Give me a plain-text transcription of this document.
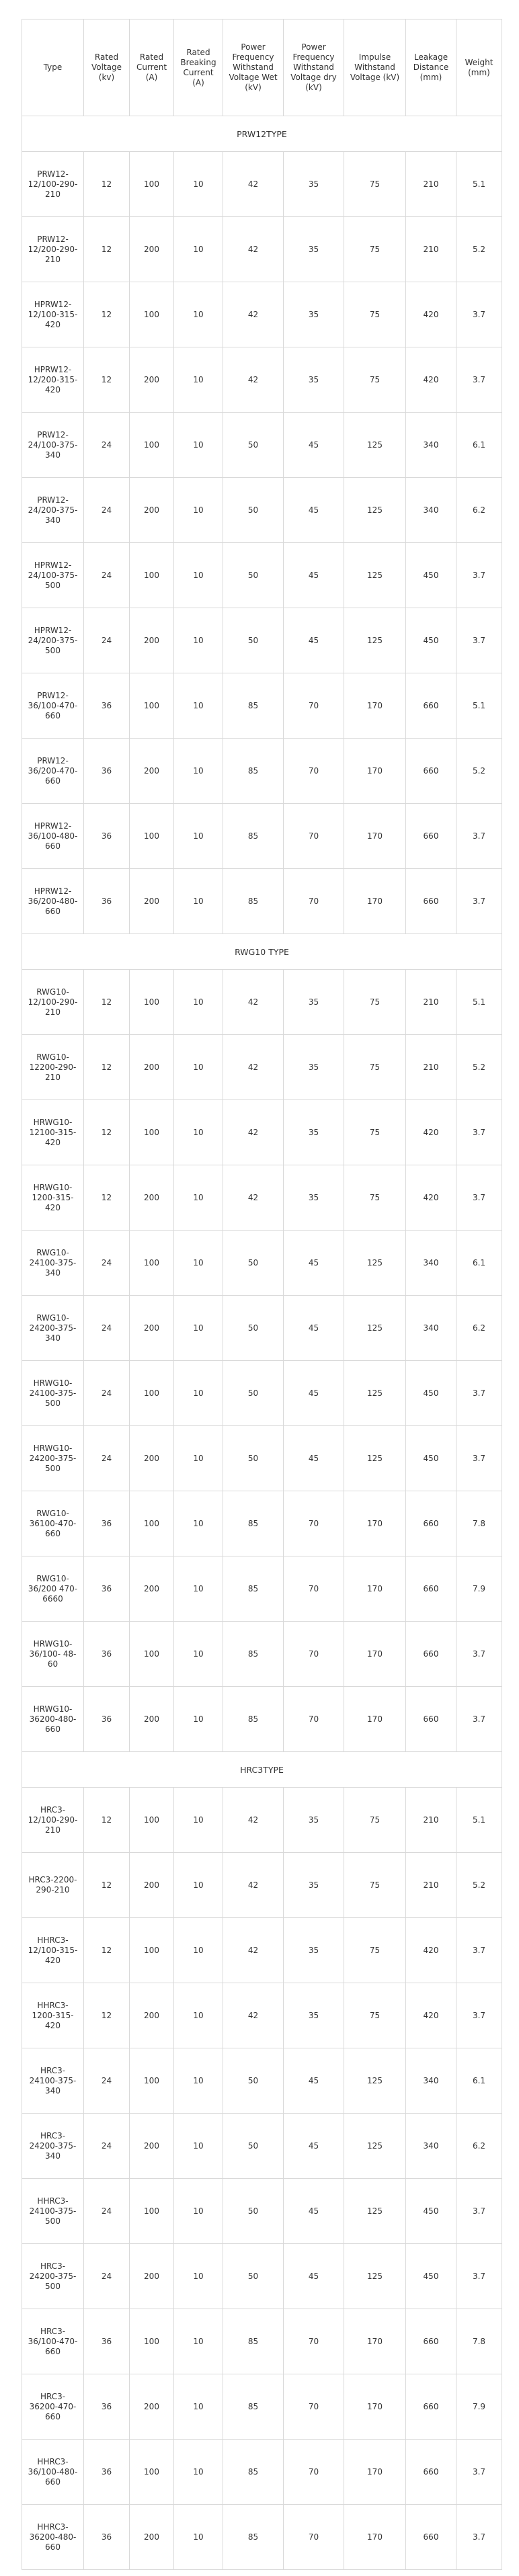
Type	Rated Voltage (kv)	Rated Current (A)	Rated Breaking Current (A)	Power Frequency Withstand Voltage Wet (kV)	Power Frequency Withstand Voltage dry (kV)	Impulse Withstand Voltage (kV)	Leakage Distance (mm)	Weight (mm)
PRW12TYPE								
PRW12-12/100-290-210	12	100	10	42	35	75	210	5.1
PRW12-12/200-290-210	12	200	10	42	35	75	210	5.2
HPRW12-12/100-315-420	12	100	10	42	35	75	420	3.7
HPRW12-12/200-315-420	12	200	10	42	35	75	420	3.7
PRW12-24/100-375-340	24	100	10	50	45	125	340	6.1
PRW12-24/200-375-340	24	200	10	50	45	125	340	6.2
HPRW12-24/100-375-500	24	100	10	50	45	125	450	3.7
HPRW12-24/200-375-500	24	200	10	50	45	125	450	3.7
PRW12-36/100-470-660	36	100	10	85	70	170	660	5.1
PRW12-36/200-470-660	36	200	10	85	70	170	660	5.2
HPRW12-36/100-480-660	36	100	10	85	70	170	660	3.7
HPRW12-36/200-480-660	36	200	10	85	70	170	660	3.7
RWG10 TYPE								
RWG10-12/100-290-210	12	100	10	42	35	75	210	5.1
RWG10-12200-290-210	12	200	10	42	35	75	210	5.2
HRWG10-12100-315-420	12	100	10	42	35	75	420	3.7
HRWG10-1200-315-420	12	200	10	42	35	75	420	3.7
RWG10-24100-375-340	24	100	10	50	45	125	340	6.1
RWG10-24200-375-340	24	200	10	50	45	125	340	6.2
HRWG10-24100-375-500	24	100	10	50	45	125	450	3.7
HRWG10-24200-375-500	24	200	10	50	45	125	450	3.7
RWG10-36100-470-660	36	100	10	85	70	170	660	7.8
RWG10-36/200 470-6660	36	200	10	85	70	170	660	7.9
HRWG10-36/100- 48-60	36	100	10	85	70	170	660	3.7
HRWG10-36200-480-660	36	200	10	85	70	170	660	3.7
HRC3TYPE								
HRC3-12/100-290-210	12	100	10	42	35	75	210	5.1
HRC3-2200-290-210	12	200	10	42	35	75	210	5.2
HHRC3-12/100-315-420	12	100	10	42	35	75	420	3.7
HHRC3-1200-315-420	12	200	10	42	35	75	420	3.7
HRC3-24100-375-340	24	100	10	50	45	125	340	6.1
HRC3-24200-375-340	24	200	10	50	45	125	340	6.2
HHRC3-24100-375-500	24	100	10	50	45	125	450	3.7
HRC3-24200-375-500	24	200	10	50	45	125	450	3.7
HRC3-36/100-470-660	36	100	10	85	70	170	660	7.8
HRC3-36200-470-660	36	200	10	85	70	170	660	7.9
HHRC3-36/100-480-660	36	100	10	85	70	170	660	3.7
HHRC3-36200-480-660	36	200	10	85	70	170	660	3.7
